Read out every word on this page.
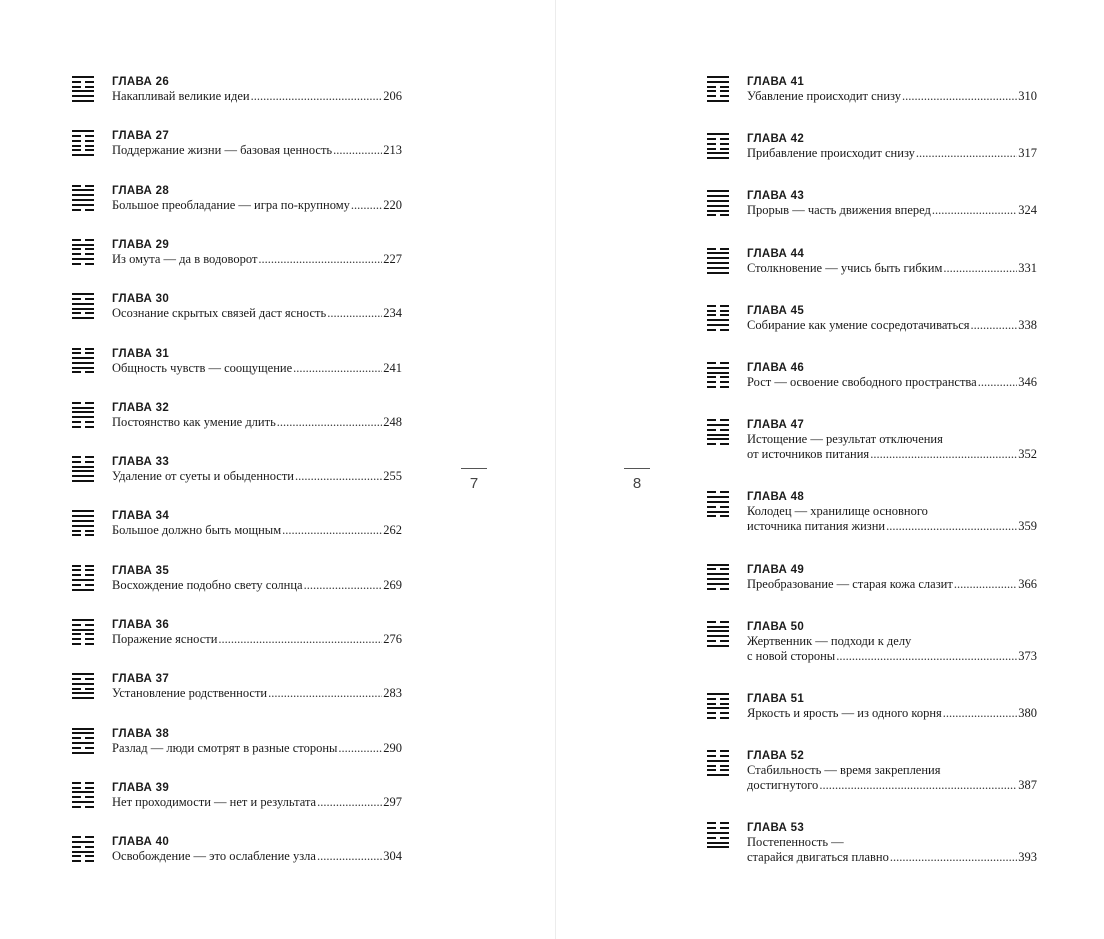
ГЛАВА 26
Накапливай великие идеи .....	206
ГЛАВА 27
Поддержание жизни — базовая ценность .....	213
ГЛАВА 28
Большое преобладание — игра по-крупному .....	220
ГЛАВА 29
Из омута — да в водоворот .....	227
ГЛАВА 30
Осознание скрытых связей даст ясность .....	234
ГЛАВА 31
Общность чувств — соощущение .....	241
ГЛАВА 32
Постоянство как умение длить .....	248
ГЛАВА 33
Удаление от суеты и обыденности .....	255
ГЛАВА 34
Большое должно быть мощным .....	262
ГЛАВА 35
Восхождение подобно свету солнца .....	269
ГЛАВА 36
Поражение ясности .....	276
ГЛАВА 37
Установление родственности .....	283
ГЛАВА 38
Разлад — люди смотрят в разные стороны .....	290
ГЛАВА 39
Нет проходимости — нет и результата .....	297
ГЛАВА 40
Освобождение — это ослабление узла .....	304
ГЛАВА 41
Убавление происходит снизу .....	310
ГЛАВА 42
Прибавление происходит снизу .....	317
ГЛАВА 43
Прорыв — часть движения вперед .....	324
ГЛАВА 44
Столкновение — учись быть гибким .....	331
ГЛАВА 45
Собирание как умение сосредотачиваться .....	338
ГЛАВА 46
Рост — освоение свободного пространства .....	346
ГЛАВА 47
Истощение — результат отключения
от источников питания .....	352
ГЛАВА 48
Колодец — хранилище основного
источника питания жизни .....	359
ГЛАВА 49
Преобразование — старая кожа слазит .....	366
ГЛАВА 50
Жертвенник — подходи к делу
с новой стороны .....	373
ГЛАВА 51
Яркость и ярость — из одного корня .....	380
ГЛАВА 52
Стабильность — время закрепления
достигнутого .....	387
ГЛАВА 53
Постепенность —
старайся двигаться плавно .....	393
7	8
